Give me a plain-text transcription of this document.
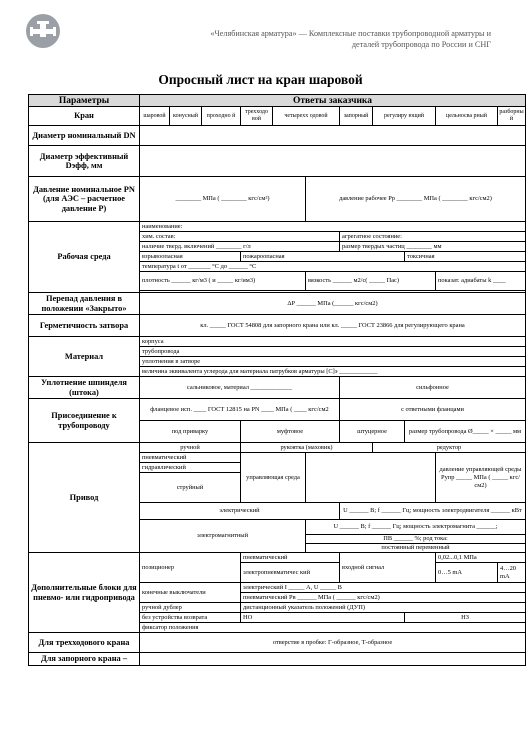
«Челябинская арматура» — Комплексные поставки трубопроводной арматуры и
деталей трубопровода по России и СНГ
Опросный лист на кран шаровой
Параметры	Ответы заказчика										
Кран	шаровой	конусный	проходно й	трехходо вой	четырехх одовой		запорный	регулиру ющий		цельносва рный	разборны й
Диаметр номинальный DN											
Диаметр эффективный Dэфф, мм											
Давление номинальное PN (для АЭС – расчетное давление P)	________ МПа ( ________ кгс/см²)					давление рабочее Рр ________ МПа ( ________ кгс/см2)					
Рабочая среда	наименование:										
	хим. состав:						агрегатное состояние:				
	наличие тверд. включений ________ г/л						размер твердых частиц ________ мм				
	взрывоопасная			пожароопасная					токсичная		
	температура t от _______ °С до ______ °С										
	плотность ______ кг/м3 ( и _____ кг/им3)					вязкость ______ м2/с( _____ Пас)				показат. адиабаты k ____	

Перепад давления в положении «Закрыто»	ΔР ______ МПа (______ кгс/см2)										
Герметичность затвора	кл. _____ ГОСТ 54808 для запорного крана или кл. _____ ГОСТ 23866 для регулирующего крана										
Материал	корпуса										
	трубопровода										
	уплотнения в затворе										
	величина эквивалента углерода для материала патрубков арматуры [С]э ____________										
Уплотнение шпинделя (штока)	сальниковое, материал _____________						сильфонное				
Присоединение к трубопроводу	фланцевое исп. ____ ГОСТ 12815 на PN ____ МПа ( ____ кгс/см2						с ответными фланцами				
	под приварку			муфтовое			штуцерное		размер трубопровода Ø_____ × _____ мм		
Привод	ручной			рукоятка (маховик)				редуктор			
	пневматический			управляющая среда						давление управляющей среды Рупр _____ МПа ( _____ кгс/см2)	
	гидравлический										
	струйный										
	электрический						U ______ В; f ______ Гц; мощность электродвигателя ______ кВт				
	электромагнитный					U ______ В; f ______ Гц; мощность электромагнита ______;					
						ПВ ______ %; род тока:					
						постоянный переменный					
Дополнительные блоки для пневмо- или гидропривода	позиционер			пневматический			входной сигнал			0,02...0,1 МПа	
				электропневматичес кий						0…5 mA	4…20 mA

	конечные выключатели			электрический I _____ А, U _____ В							
				пневматический Рв ______ МПа ( ______ кгс/см2)							
	ручной дублер			дистанционный указатель положений (ДУП)							
	без устройства возврата			НО					НЗ		
	фиксатор положения										
Для трехходового крана	отверстие в пробке: Г-образное, Т-образное										
Для запорного крана –											
